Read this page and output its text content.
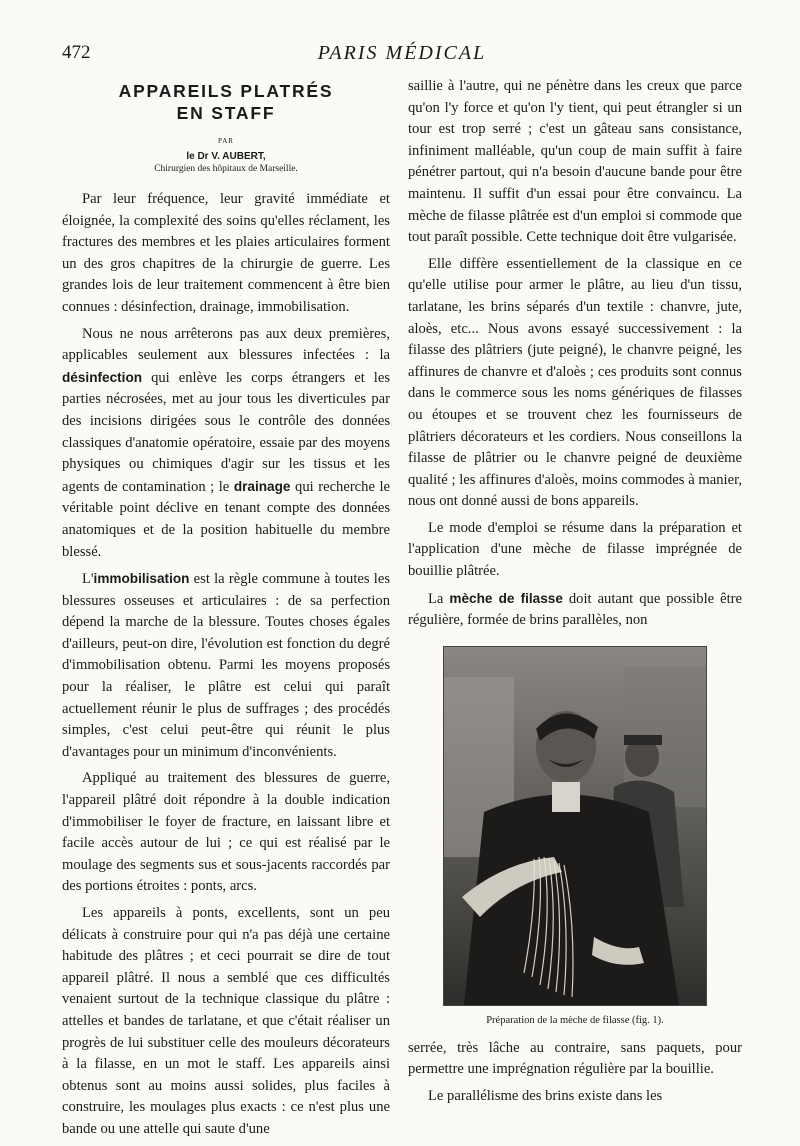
472	PARIS MÉDICAL
APPAREILS PLATRÉS
EN STAFF
PAR
le Dr V. AUBERT,
Chirurgien des hôpitaux de Marseille.

Par leur fréquence, leur gravité immédiate et éloignée, la complexité des soins qu'elles réclament, les fractures des membres et les plaies articulaires forment un des gros chapitres de la chirurgie de guerre. Les grandes lois de leur traitement commencent à être bien connues : désinfection, drainage, immobilisation.

Nous ne nous arrêterons pas aux deux premières, applicables seulement aux blessures infectées : la désinfection qui enlève les corps étrangers et les parties nécrosées, met au jour tous les diverticules par des incisions dirigées sous le contrôle des données classiques d'anatomie opératoire, essaie par des moyens physiques ou chimiques d'agir sur les tissus et les agents de contamination ; le drainage qui recherche le véritable point déclive en tenant compte des données anatomiques et de la position habituelle du membre blessé.

L'immobilisation est la règle commune à toutes les blessures osseuses et articulaires : de sa perfection dépend la marche de la blessure. Toutes choses égales d'ailleurs, peut-on dire, l'évolution est fonction du degré d'immobilisation obtenu. Parmi les moyens proposés pour la réaliser, le plâtre est celui qui paraît actuellement réunir le plus de suffrages ; des procédés simples, c'est celui peut-être qui réunit le plus d'avantages pour un minimum d'inconvénients.

Appliqué au traitement des blessures de guerre, l'appareil plâtré doit répondre à la double indication d'immobiliser le foyer de fracture, en laissant libre et facile accès autour de lui ; ce qui est réalisé par le moulage des segments sus et sous-jacents raccordés par des portions étroites : ponts, arcs.

Les appareils à ponts, excellents, sont un peu délicats à construire pour qui n'a pas déjà une certaine habitude des plâtres ; et ceci pourrait se dire de tout appareil plâtré. Il nous a semblé que ces difficultés venaient surtout de la technique classique du plâtre : attelles et bandes de tarlatane, et que c'était réaliser un progrès de lui substituer celle des mouleurs décorateurs à la filasse, en un mot le staff. Les appareils ainsi obtenus sont au moins aussi solides, plus faciles à construire, les moulages plus exacts : ce n'est plus une bande ou une attelle qui saute d'une

saillie à l'autre, qui ne pénètre dans les creux que parce qu'on l'y force et qu'on l'y tient, qui peut étrangler si un tour est trop serré ; c'est un gâteau sans consistance, infiniment malléable, qu'un coup de main suffit à faire pénétrer partout, qui n'a besoin d'aucune bande pour être maintenu. Il suffit d'un essai pour être convaincu. La mèche de filasse plâtrée est d'un emploi si commode que tout paraît possible. Cette technique doit être vulgarisée.

Elle diffère essentiellement de la classique en ce qu'elle utilise pour armer le plâtre, au lieu d'un tissu, tarlatane, les brins séparés d'un textile : chanvre, jute, aloès, etc... Nous avons essayé successivement : la filasse des plâtriers (jute peigné), le chanvre peigné, les affinures de chanvre et d'aloès ; ces produits sont connus dans le commerce sous les noms génériques de filasses ou étoupes et se trouvent chez les fournisseurs de plâtriers décorateurs et les cordiers. Nous conseillons la filasse de plâtrier ou le chanvre peigné de deuxième qualité ; les affinures d'aloès, moins commodes à manier, nous ont donné aussi de bons appareils.

Le mode d'emploi se résume dans la préparation et l'application d'une mèche de filasse imprégnée de bouillie plâtrée.

La mèche de filasse doit autant que possible être régulière, formée de brins parallèles, non

Préparation de la mèche de filasse (fig. 1).

serrée, très lâche au contraire, sans paquets, pour permettre une imprégnation régulière par la bouillie.

Le parallélisme des brins existe dans les
